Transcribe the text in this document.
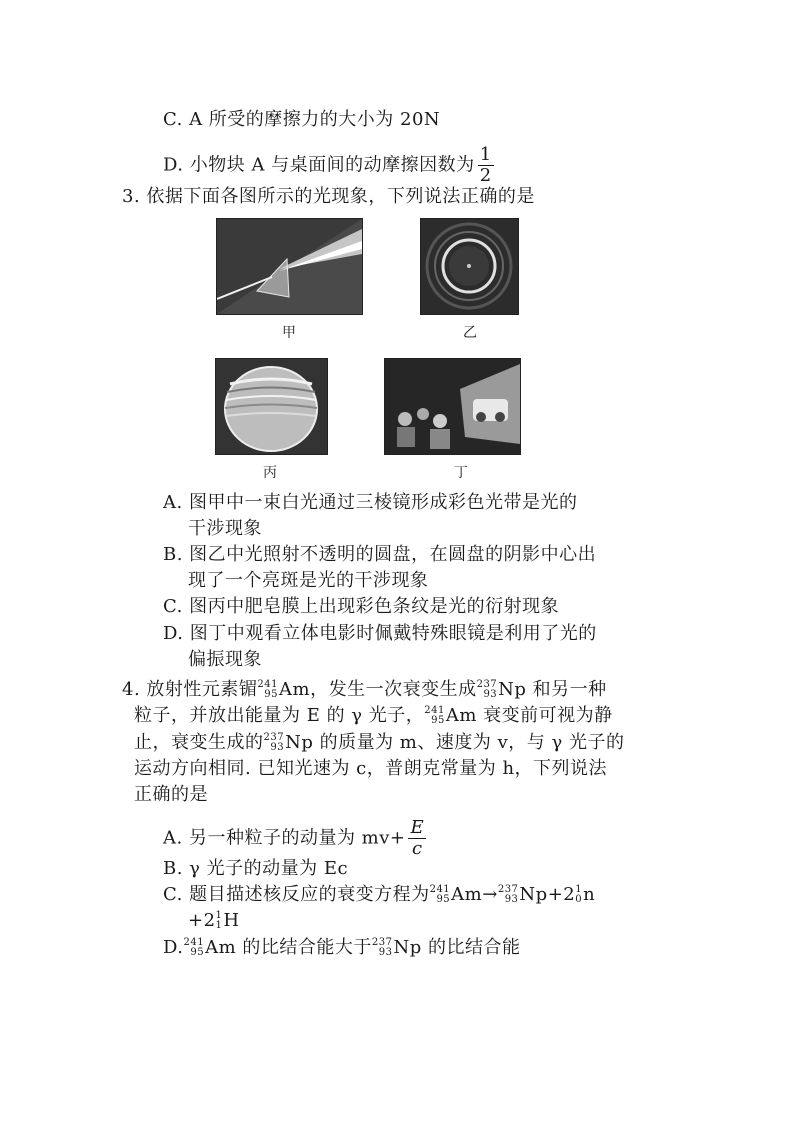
C. A 所受的摩擦力的大小为 20N
D. 小物块 A 与桌面间的动摩擦因数为 $\frac{1}{2}$
3. 依据下面各图所示的光现象，下列说法正确的是
甲	乙
丙	丁
A. 图甲中一束白光通过三棱镜形成彩色光带是光的
干涉现象
B. 图乙中光照射不透明的圆盘，在圆盘的阴影中心出
现了一个亮斑是光的干涉现象
C. 图丙中肥皂膜上出现彩色条纹是光的衍射现象
D. 图丁中观看立体电影时佩戴特殊眼镜是利用了光的
偏振现象
4. 放射性元素镅 241
95 Am，发生一次衰变生成 237
93 Np 和另一种
粒子，并放出能量为 E 的 γ 光子， 241
95 Am 衰变前可视为静
止，衰变生成的 237
93 Np 的质量为 m、速度为 v，与 γ 光子的
运动方向相同. 已知光速为 c，普朗克常量为 h，下列说法
正确的是
A. 另一种粒子的动量为 $mv+ \frac{E}{c}$
B. γ 光子的动量为 Ec
C. 题目描述核反应的衰变方程为 241
95 Am→ 237
93 Np+2 1
0 n
+2 1
1 H
D. 241
95 Am 的比结合能大于 237
93 Np 的比结合能
